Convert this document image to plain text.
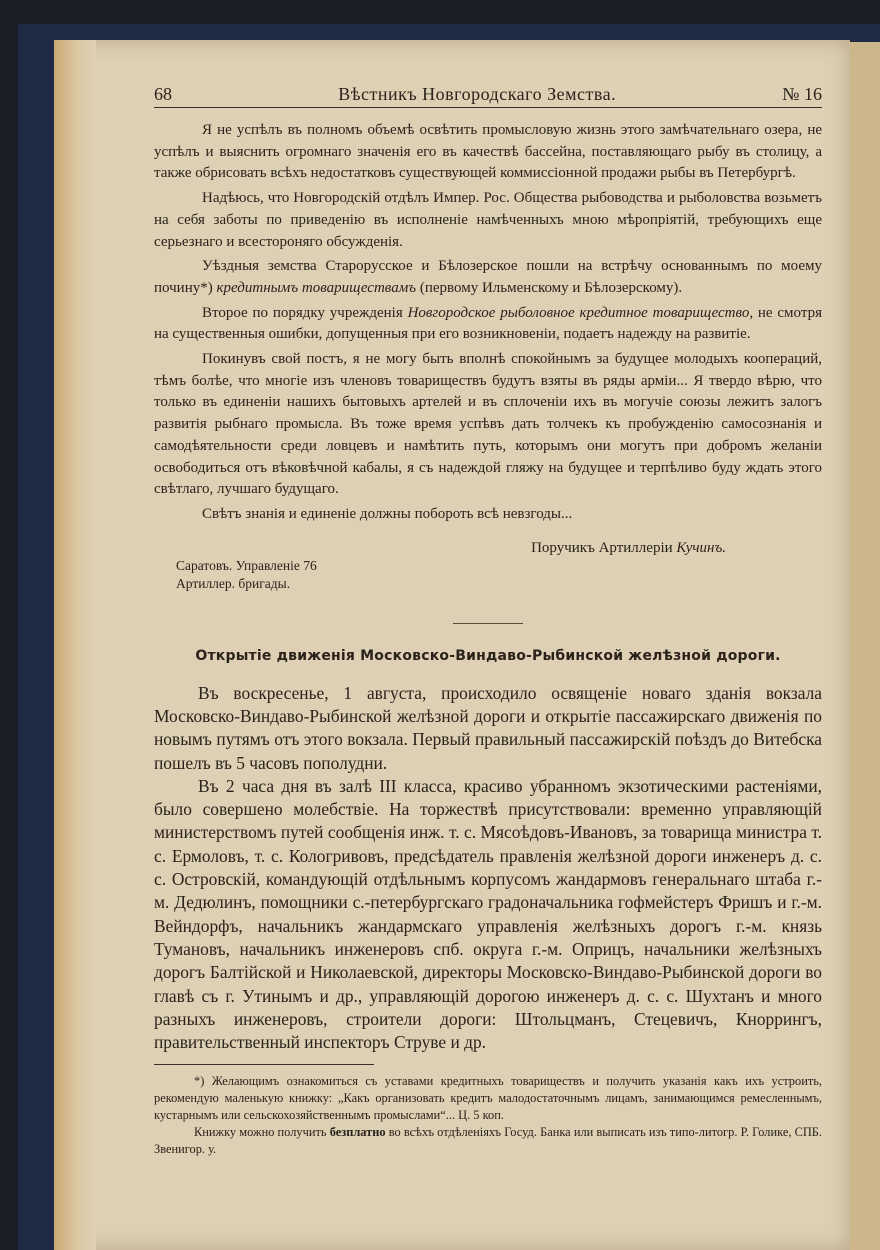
68	Вѣстникъ Новгородскаго Земства.	№ 16

Я не успѣлъ въ полномъ объемѣ освѣтить промысловую жизнь этого замѣчательнаго озера, не успѣлъ и выяснить огромнаго значенія его въ качествѣ бассейна, поставляющаго рыбу въ столицу, а также обрисовать всѣхъ недостатковъ существующей коммиссіонной продажи рыбы въ Петербургѣ.

Надѣюсь, что Новгородскій отдѣлъ Импер. Рос. Общества рыбоводства и рыболовства возьметъ на себя заботы по приведенію въ исполненіе намѣченныхъ мною мѣропріятій, требующихъ еще серьезнаго и всестороняго обсужденія.

Уѣздныя земства Старорусское и Бѣлозерское пошли на встрѣчу основаннымъ по моему почину*) кредитнымъ товариществамъ (первому Ильменскому и Бѣлозерскому).

Второе по порядку учрежденія Новгородское рыболовное кредитное товарищество, не смотря на существенныя ошибки, допущенныя при его возникновеніи, подаетъ надежду на развитіе.

Покинувъ свой постъ, я не могу быть вполнѣ спокойнымъ за будущее молодыхъ коопераций, тѣмъ болѣе, что многіе изъ членовъ товариществъ будутъ взяты въ ряды арміи... Я твердо вѣрю, что только въ единеніи нашихъ бытовыхъ артелей и въ сплоченіи ихъ въ могучіе союзы лежитъ залогъ развитія рыбнаго промысла. Въ тоже время успѣвъ дать толчекъ къ пробужденію самосознанія и самодѣятельности среди ловцевъ и намѣтить путь, которымъ они могутъ при добромъ желаніи освободиться отъ вѣковѣчной кабалы, я съ надеждой гляжу на будущее и терпѣливо буду ждать этого свѣтлаго, лучшаго будущаго.

Свѣтъ знанія и единеніе должны побороть всѣ невзгоды...

Поручикъ Артиллеріи Кучинъ.
Саратовъ. Управленіе 76
Артиллер. бригады.
Открытіе движенія Московско-Виндаво-Рыбинской желѣзной дороги.

Въ воскресенье, 1 августа, происходило освященіе новаго зданія вокзала Московско-Виндаво-Рыбинской желѣзной дороги и открытіе пассажирскаго движенія по новымъ путямъ отъ этого вокзала. Первый правильный пассажирскій поѣздъ до Витебска пошелъ въ 5 часовъ пополудни.

Въ 2 часа дня въ залѣ III класса, красиво убранномъ экзотическими растеніями, было совершено молебствіе. На торжествѣ присутствовали: временно управляющій министерствомъ путей сообщенія инж. т. с. Мясоѣдовъ-Ивановъ, за товарища министра т. с. Ермоловъ, т. с. Кологривовъ, предсѣдатель правленія желѣзной дороги инженеръ д. с. с. Островскій, командующій отдѣльнымъ корпусомъ жандармовъ генеральнаго штаба г.-м. Дедюлинъ, помощники с.-петербургскаго градоначальника гофмейстеръ Фришъ и г.-м. Вейндорфъ, начальникъ жандармскаго управленія желѣзныхъ дорогъ г.-м. князь Тумановъ, начальникъ инженеровъ спб. округа г.-м. Оприцъ, начальники желѣзныхъ дорогъ Балтійской и Николаевской, директоры Московско-Виндаво-Рыбинской дороги во главѣ съ г. Утинымъ и др., управляющій дорогою инженеръ д. с. с. Шухтанъ и много разныхъ инженеровъ, строители дороги: Штольцманъ, Стецевичъ, Кноррингъ, правительственный инспекторъ Струве и др.

*) Желающимъ ознакомиться съ уставами кредитныхъ товариществъ и получить указанія какъ ихъ устроить, рекомендую маленькую книжку: „Какъ организовать кредитъ малодостаточнымъ лицамъ, занимающимся ремесленнымъ, кустарнымъ или сельскохозяйственнымъ промыслами“... Ц. 5 коп.

Книжку можно получить безплатно во всѣхъ отдѣленіяхъ Госуд. Банка или выписать изъ типо-литогр. Р. Голике, СПБ. Звенигор. у.
